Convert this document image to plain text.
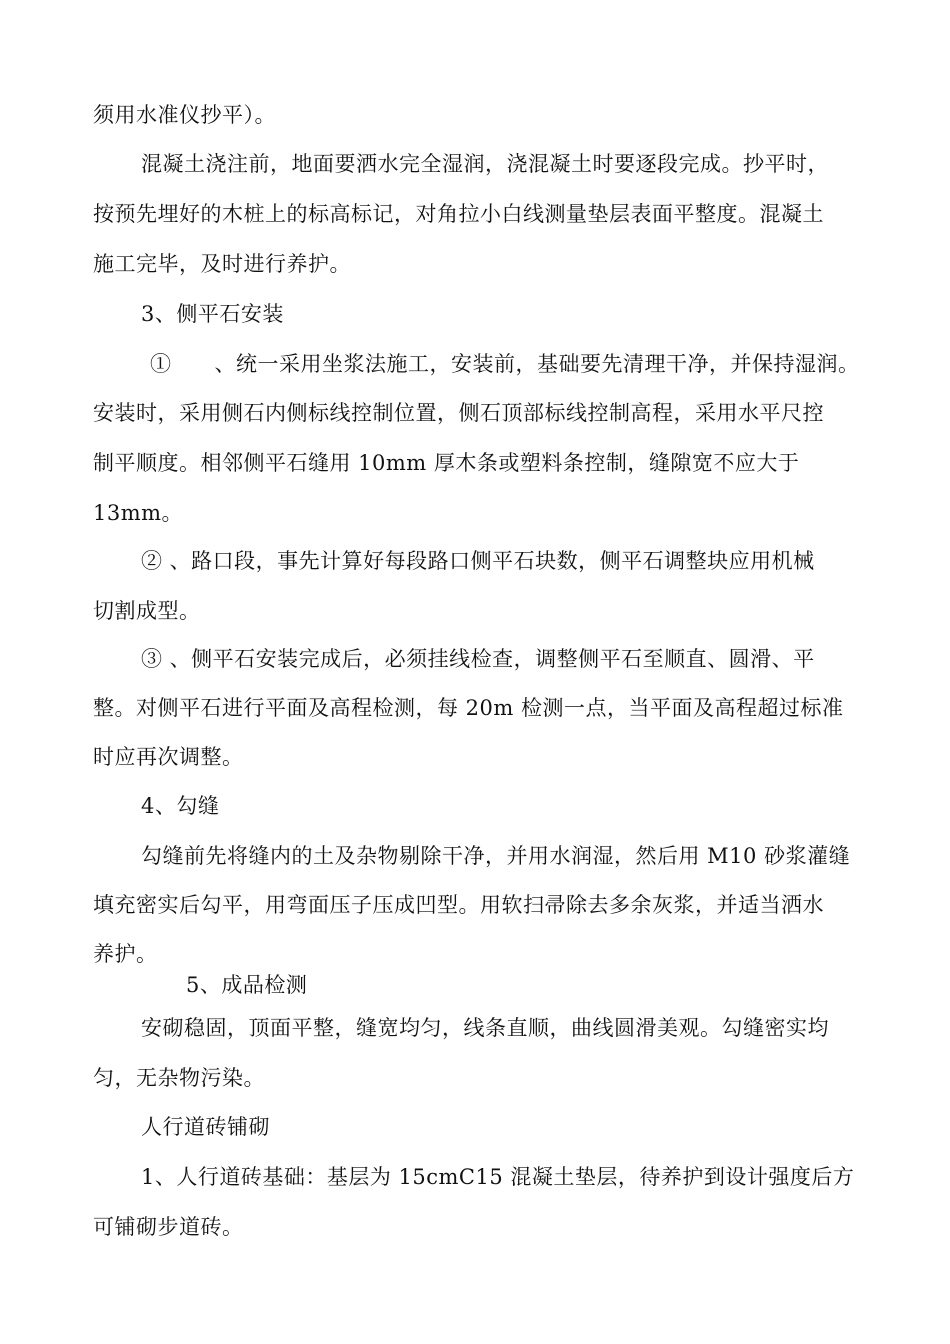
须用水准仪抄平）。
混凝土浇注前，地面要洒水完全湿润，浇混凝土时要逐段完成。抄平时，
按预先埋好的木桩上的标高标记，对角拉小白线测量垫层表面平整度。混凝土
施工完毕，及时进行养护。
3、侧平石安装
①　　、统一采用坐浆法施工，安装前，基础要先清理干净，并保持湿润。
安装时，采用侧石内侧标线控制位置，侧石顶部标线控制高程，采用水平尺控
制平顺度。相邻侧平石缝用 10mm 厚木条或塑料条控制，缝隙宽不应大于
13mm。
② 、路口段，事先计算好每段路口侧平石块数，侧平石调整块应用机械
切割成型。
③ 、侧平石安装完成后，必须挂线检查，调整侧平石至顺直、圆滑、平
整。对侧平石进行平面及高程检测，每 20m 检测一点，当平面及高程超过标准
时应再次调整。
4、勾缝
勾缝前先将缝内的土及杂物剔除干净，并用水润湿，然后用 M10 砂浆灌缝
填充密实后勾平，用弯面压子压成凹型。用软扫帚除去多余灰浆，并适当洒水
养护。
5、成品检测
安砌稳固，顶面平整，缝宽均匀，线条直顺，曲线圆滑美观。勾缝密实均
匀，无杂物污染。
人行道砖铺砌
1、人行道砖基础：基层为 15cmC15 混凝土垫层，待养护到设计强度后方
可铺砌步道砖。
